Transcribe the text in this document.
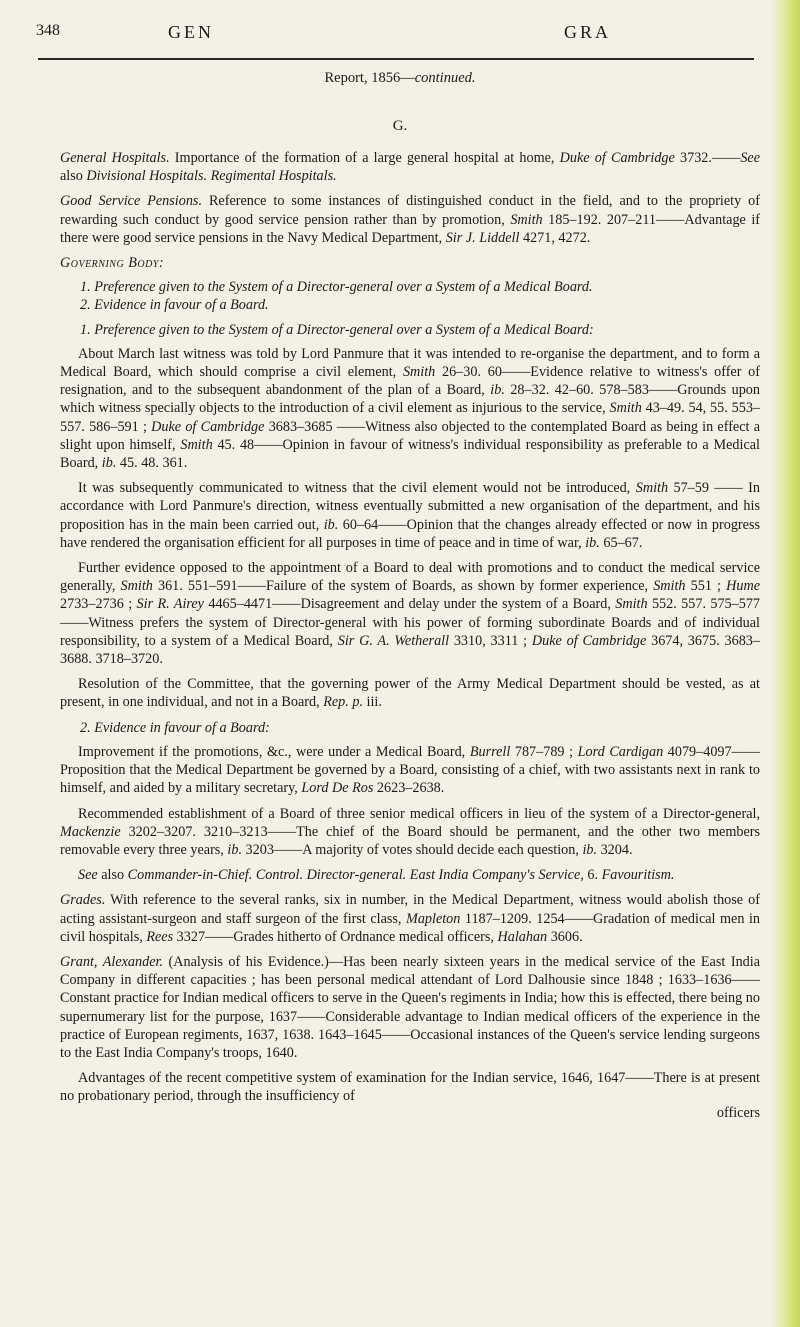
348	GEN	GRA
Report, 1856—continued.
G.

General Hospitals. Importance of the formation of a large general hospital at home, Duke of Cambridge 3732.——See also Divisional Hospitals. Regimental Hospitals.

Good Service Pensions. Reference to some instances of distinguished conduct in the field, and to the propriety of rewarding such conduct by good service pension rather than by promotion, Smith 185–192. 207–211——Advantage if there were good service pensions in the Navy Medical Department, Sir J. Liddell 4271, 4272.

Governing Body:
1. Preference given to the System of a Director-general over a System of a Medical Board.
2. Evidence in favour of a Board.
1. Preference given to the System of a Director-general over a System of a Medical Board:

About March last witness was told by Lord Panmure that it was intended to re-organise the department, and to form a Medical Board, which should comprise a civil element, Smith 26–30. 60——Evidence relative to witness's offer of resignation, and to the subsequent abandonment of the plan of a Board, ib. 28–32. 42–60. 578–583——Grounds upon which witness specially objects to the introduction of a civil element as injurious to the service, Smith 43–49. 54, 55. 553–557. 586–591 ; Duke of Cambridge 3683–3685 ——Witness also objected to the contemplated Board as being in effect a slight upon himself, Smith 45. 48——Opinion in favour of witness's individual responsibility as preferable to a Medical Board, ib. 45. 48. 361.

It was subsequently communicated to witness that the civil element would not be introduced, Smith 57–59 —— In accordance with Lord Panmure's direction, witness eventually submitted a new organisation of the department, and his proposition has in the main been carried out, ib. 60–64——Opinion that the changes already effected or now in progress have rendered the organisation efficient for all purposes in time of peace and in time of war, ib. 65–67.

Further evidence opposed to the appointment of a Board to deal with promotions and to conduct the medical service generally, Smith 361. 551–591——Failure of the system of Boards, as shown by former experience, Smith 551 ; Hume 2733–2736 ; Sir R. Airey 4465–4471——Disagreement and delay under the system of a Board, Smith 552. 557. 575–577——Witness prefers the system of Director-general with his power of forming subordinate Boards and of individual responsibility, to a system of a Medical Board, Sir G. A. Wetherall 3310, 3311 ; Duke of Cambridge 3674, 3675. 3683–3688. 3718–3720.

Resolution of the Committee, that the governing power of the Army Medical Department should be vested, as at present, in one individual, and not in a Board, Rep. p. iii.

2. Evidence in favour of a Board:

Improvement if the promotions, &c., were under a Medical Board, Burrell 787–789 ; Lord Cardigan 4079–4097——Proposition that the Medical Department be governed by a Board, consisting of a chief, with two assistants next in rank to himself, and aided by a military secretary, Lord De Ros 2623–2638.

Recommended establishment of a Board of three senior medical officers in lieu of the system of a Director-general, Mackenzie 3202–3207. 3210–3213——The chief of the Board should be permanent, and the other two members removable every three years, ib. 3203——A majority of votes should decide each question, ib. 3204.

See also Commander-in-Chief. Control. Director-general. East India Company's Service, 6. Favouritism.

Grades. With reference to the several ranks, six in number, in the Medical Department, witness would abolish those of acting assistant-surgeon and staff surgeon of the first class, Mapleton 1187–1209. 1254——Gradation of medical men in civil hospitals, Rees 3327——Grades hitherto of Ordnance medical officers, Halahan 3606.

Grant, Alexander. (Analysis of his Evidence.)—Has been nearly sixteen years in the medical service of the East India Company in different capacities ; has been personal medical attendant of Lord Dalhousie since 1848 ; 1633–1636——Constant practice for Indian medical officers to serve in the Queen's regiments in India; how this is effected, there being no supernumerary list for the purpose, 1637——Considerable advantage to Indian medical officers of the experience in the practice of European regiments, 1637, 1638. 1643–1645——Occasional instances of the Queen's service lending surgeons to the East India Company's troops, 1640.

Advantages of the recent competitive system of examination for the Indian service, 1646, 1647——There is at present no probationary period, through the insufficiency of

officers
